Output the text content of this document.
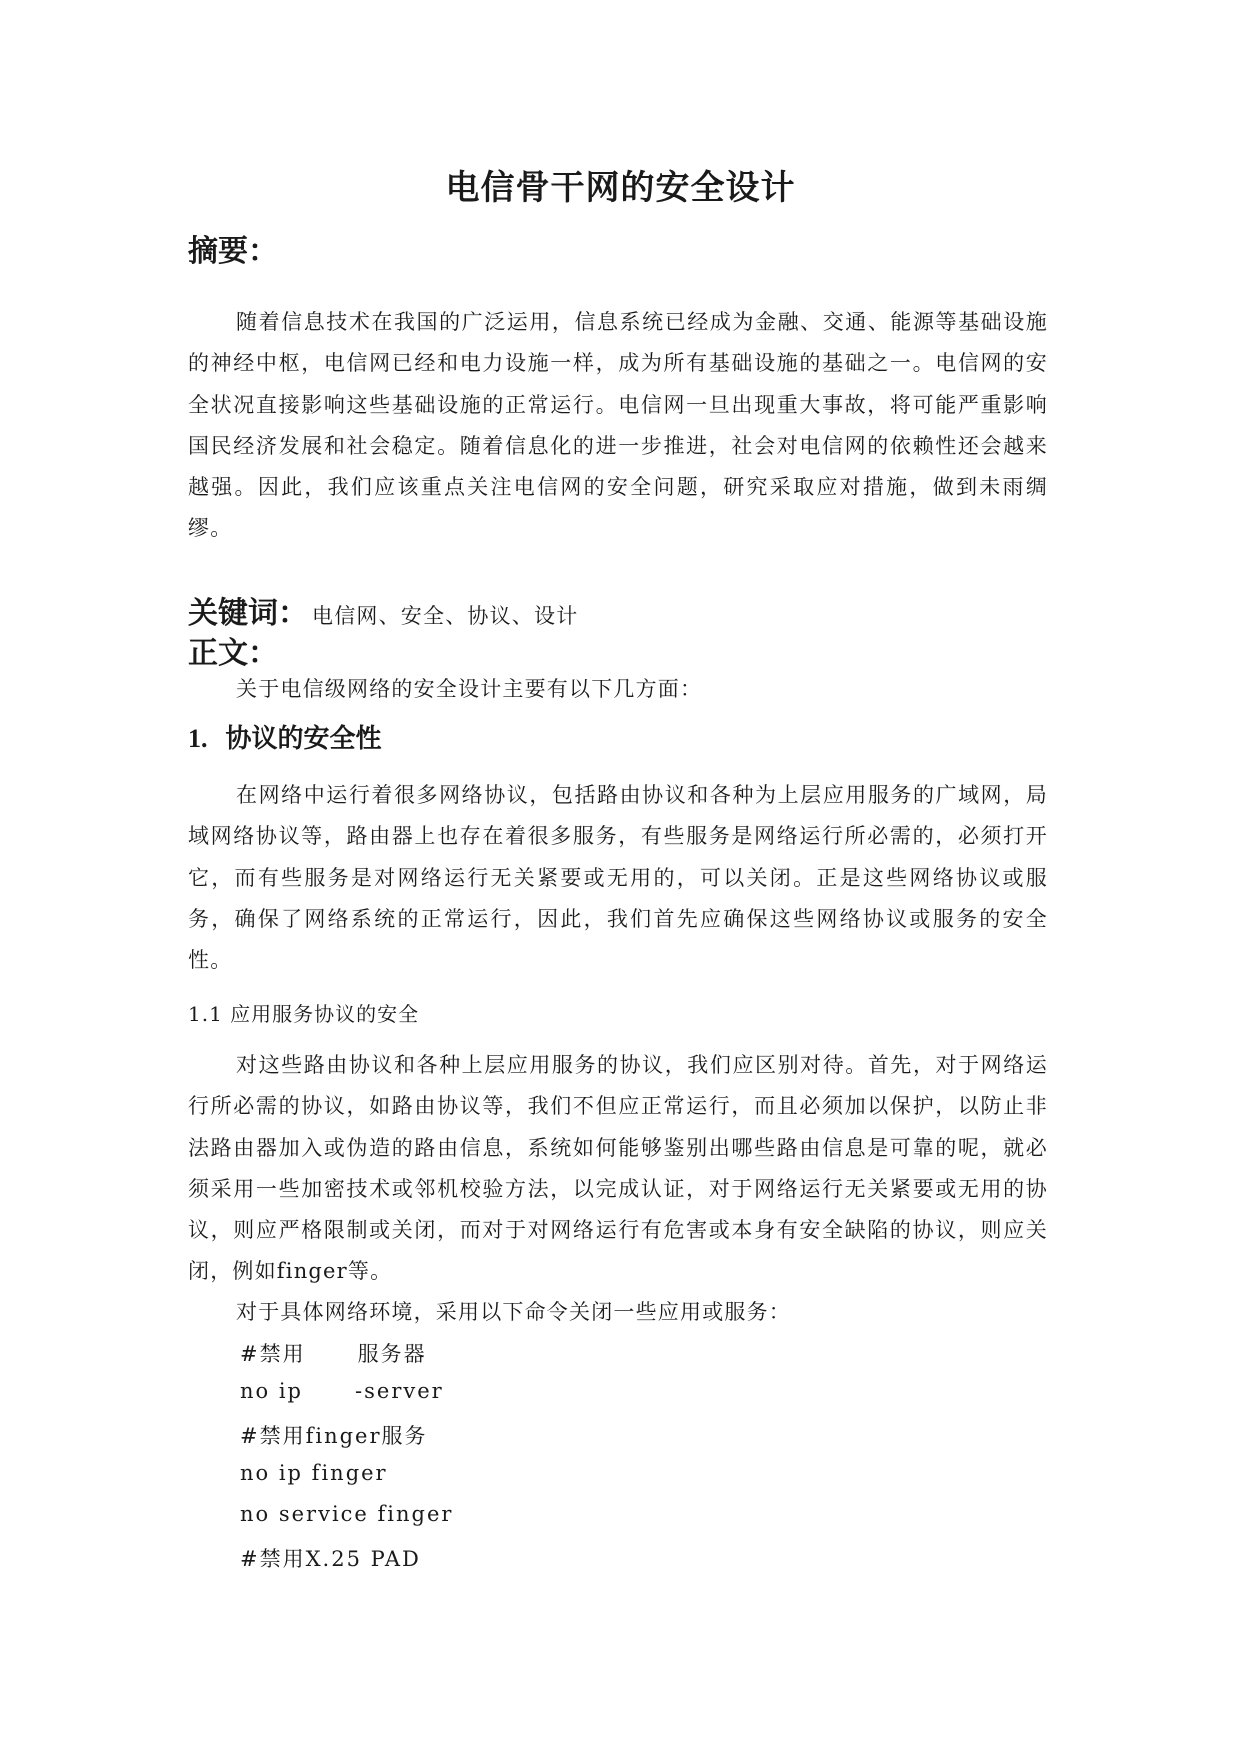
电信骨干网的安全设计
摘要：

随着信息技术在我国的广泛运用，信息系统已经成为金融、交通、能源等基础设施的神经中枢，电信网已经和电力设施一样，成为所有基础设施的基础之一。电信网的安全状况直接影响这些基础设施的正常运行。电信网一旦出现重大事故，将可能严重影响国民经济发展和社会稳定。随着信息化的进一步推进，社会对电信网的依赖性还会越来越强。因此，我们应该重点关注电信网的安全问题，研究采取应对措施，做到未雨绸缪。

关键词： 电信网、安全、协议、设计
正文：
关于电信级网络的安全设计主要有以下几方面：
1. 协议的安全性

在网络中运行着很多网络协议，包括路由协议和各种为上层应用服务的广域网，局域网络协议等，路由器上也存在着很多服务，有些服务是网络运行所必需的，必须打开它，而有些服务是对网络运行无关紧要或无用的，可以关闭。正是这些网络协议或服务，确保了网络系统的正常运行，因此，我们首先应确保这些网络协议或服务的安全性。

1.1 应用服务协议的安全

对这些路由协议和各种上层应用服务的协议，我们应区别对待。首先，对于网络运行所必需的协议，如路由协议等，我们不但应正常运行，而且必须加以保护，以防止非法路由器加入或伪造的路由信息，系统如何能够鉴别出哪些路由信息是可靠的呢，就必须采用一些加密技术或邻机校验方法，以完成认证，对于网络运行无关紧要或无用的协议，则应严格限制或关闭，而对于对网络运行有危害或本身有安全缺陷的协议，则应关闭，例如finger等。

对于具体网络环境，采用以下命令关闭一些应用或服务：
#禁用      服务器
no ip      -server
#禁用finger服务
no ip finger
no service finger
#禁用X.25 PAD
